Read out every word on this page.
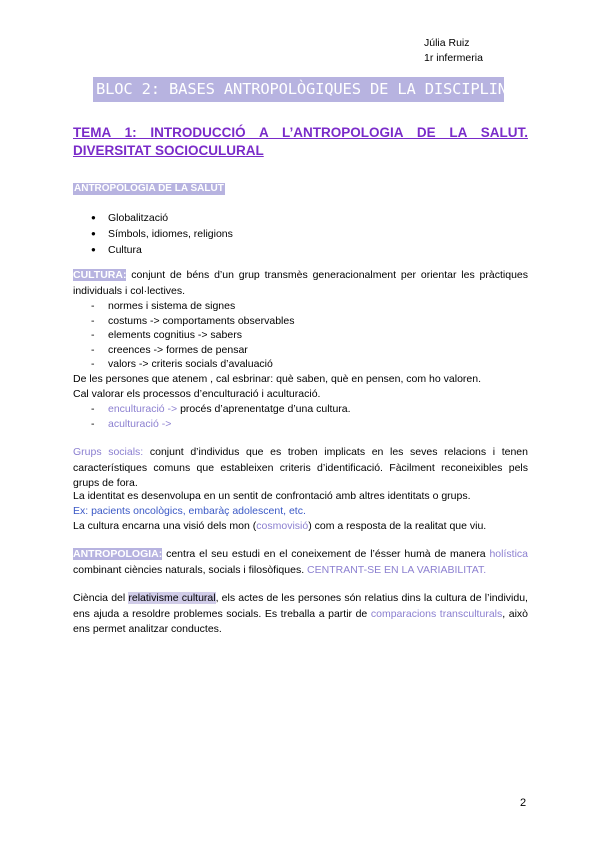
Júlia Ruiz
1r infermeria
BLOC 2: BASES ANTROPOLÒGIQUES DE LA DISCIPLINA INFERMERA
TEMA 1: INTRODUCCIÓ A L’ANTROPOLOGIA DE LA SALUT. DIVERSITAT SOCIOCULURAL
ANTROPOLOGIA DE LA SALUT
● Globalització
● Símbols, idiomes, religions
● Cultura
CULTURA: conjunt de béns d’un grup transmès generacionalment per orientar les pràctiques individuals i col·lectives.
- normes i sistema de signes
- costums -> comportaments observables
- elements cognitius -> sabers
- creences -> formes de pensar
- valors -> criteris socials d’avaluació
De les persones que atenem , cal esbrinar: què saben, què en pensen, com ho valoren.
Cal valorar els processos d’enculturació i aculturació.
- enculturació -> procés d’aprenentatge d’una cultura.
- aculturació ->
Grups socials: conjunt d’individus que es troben implicats en les seves relacions i tenen característiques comuns que estableixen criteris d’identificació. Fàcilment reconeixibles pels grups de fora.
La identitat es desenvolupa en un sentit de confrontació amb altres identitats o grups.
Ex: pacients oncològics, embaràç adolescent, etc.
La cultura encarna una visió dels mon (cosmovisió) com a resposta de la realitat que viu.
ANTROPOLOGIA: centra el seu estudi en el coneixement de l’ésser humà de manera holística combinant ciències naturals, socials i filosòfiques. CENTRANT-SE EN LA VARIABILITAT.
Ciència del relativisme cultural, els actes de les persones són relatius dins la cultura de l’individu, ens ajuda a resoldre problemes socials. Es treballa a partir de comparacions transculturals, això ens permet analitzar conductes.
2
